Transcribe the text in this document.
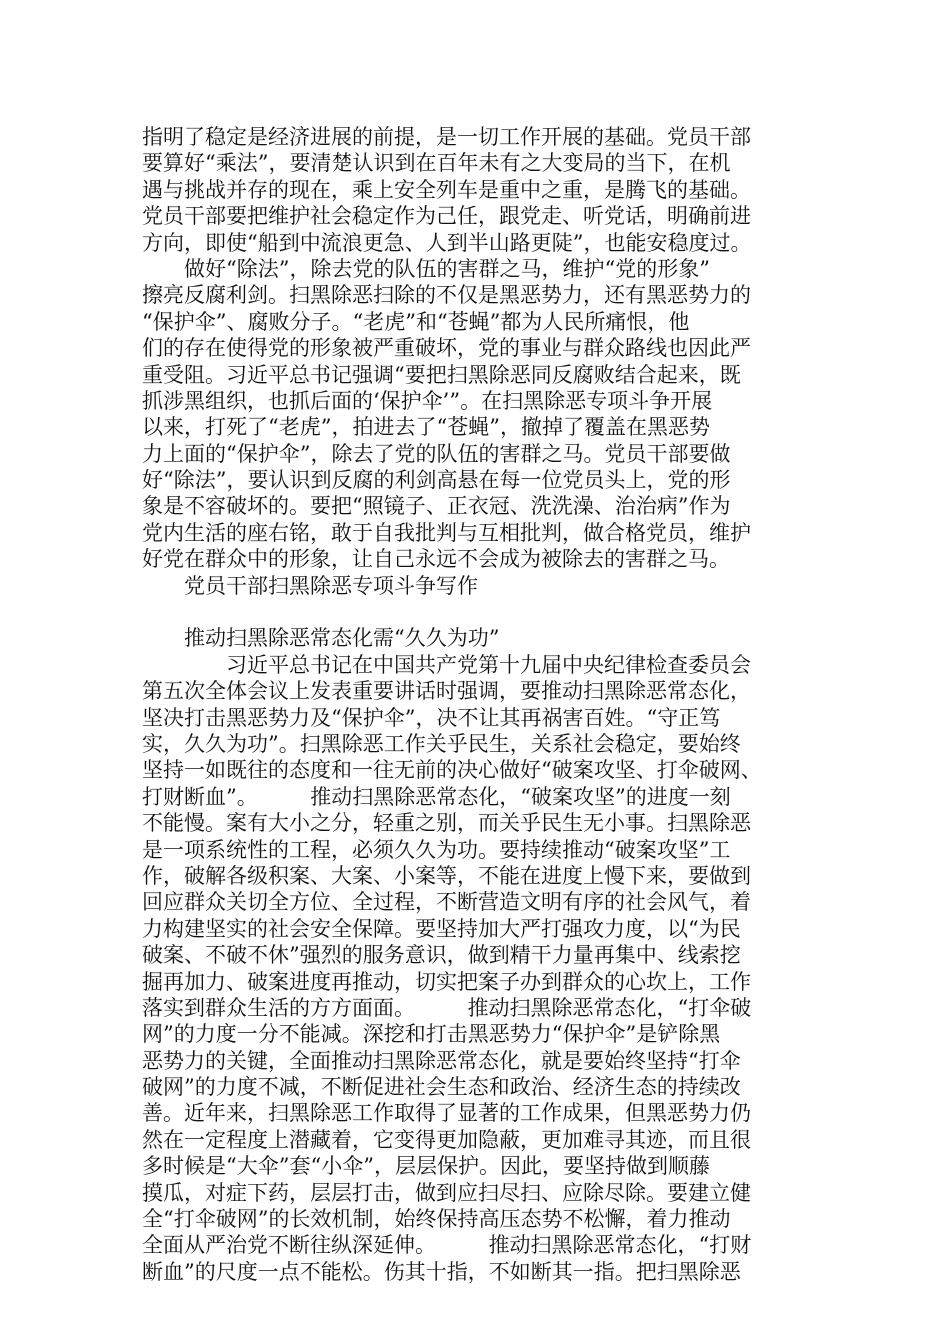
指明了稳定是经济进展的前提，是一切工作开展的基础。党员干部
要算好“乘法”，要清楚认识到在百年未有之大变局的当下，在机
遇与挑战并存的现在，乘上安全列车是重中之重，是腾飞的基础。
党员干部要把维护社会稳定作为己任，跟党走、听党话，明确前进
方向，即使“船到中流浪更急、人到半山路更陡”，也能安稳度过。
　　做好“除法”，除去党的队伍的害群之马，维护“党的形象”
擦亮反腐利剑。扫黑除恶扫除的不仅是黑恶势力，还有黑恶势力的
“保护伞”、腐败分子。“老虎”和“苍蝇”都为人民所痛恨，他
们的存在使得党的形象被严重破坏，党的事业与群众路线也因此严
重受阻。习近平总书记强调“要把扫黑除恶同反腐败结合起来，既
抓涉黑组织，也抓后面的‘保护伞’”。在扫黑除恶专项斗争开展
以来，打死了“老虎”，拍进去了“苍蝇”，撤掉了覆盖在黑恶势
力上面的“保护伞”，除去了党的队伍的害群之马。党员干部要做
好“除法”，要认识到反腐的利剑高悬在每一位党员头上，党的形
象是不容破坏的。要把“照镜子、正衣冠、洗洗澡、治治病”作为
党内生活的座右铭，敢于自我批判与互相批判，做合格党员，维护
好党在群众中的形象，让自己永远不会成为被除去的害群之马。
　　党员干部扫黑除恶专项斗争写作
　　推动扫黑除恶常态化需“久久为功”
　　　　习近平总书记在中国共产党第十九届中央纪律检查委员会
第五次全体会议上发表重要讲话时强调，要推动扫黑除恶常态化，
坚决打击黑恶势力及“保护伞”，决不让其再祸害百姓。“守正笃
实，久久为功”。扫黑除恶工作关乎民生，关系社会稳定，要始终
坚持一如既往的态度和一往无前的决心做好“破案攻坚、打伞破网、
打财断血”。　　　推动扫黑除恶常态化，“破案攻坚”的进度一刻
不能慢。案有大小之分，轻重之别，而关乎民生无小事。扫黑除恶
是一项系统性的工程，必须久久为功。要持续推动“破案攻坚”工
作，破解各级积案、大案、小案等，不能在进度上慢下来，要做到
回应群众关切全方位、全过程，不断营造文明有序的社会风气，着
力构建坚实的社会安全保障。要坚持加大严打强攻力度，以“为民
破案、不破不休”强烈的服务意识，做到精干力量再集中、线索挖
掘再加力、破案进度再推动，切实把案子办到群众的心坎上，工作
落实到群众生活的方方面面。　　　推动扫黑除恶常态化，“打伞破
网”的力度一分不能减。深挖和打击黑恶势力“保护伞”是铲除黑
恶势力的关键，全面推动扫黑除恶常态化，就是要始终坚持“打伞
破网”的力度不减，不断促进社会生态和政治、经济生态的持续改
善。近年来，扫黑除恶工作取得了显著的工作成果，但黑恶势力仍
然在一定程度上潜藏着，它变得更加隐蔽，更加难寻其迹，而且很
多时候是“大伞”套“小伞”，层层保护。因此，要坚持做到顺藤
摸瓜，对症下药，层层打击，做到应扫尽扫、应除尽除。要建立健
全“打伞破网”的长效机制，始终保持高压态势不松懈，着力推动
全面从严治党不断往纵深延伸。　　　推动扫黑除恶常态化，“打财
断血”的尺度一点不能松。伤其十指，不如断其一指。把扫黑除恶
